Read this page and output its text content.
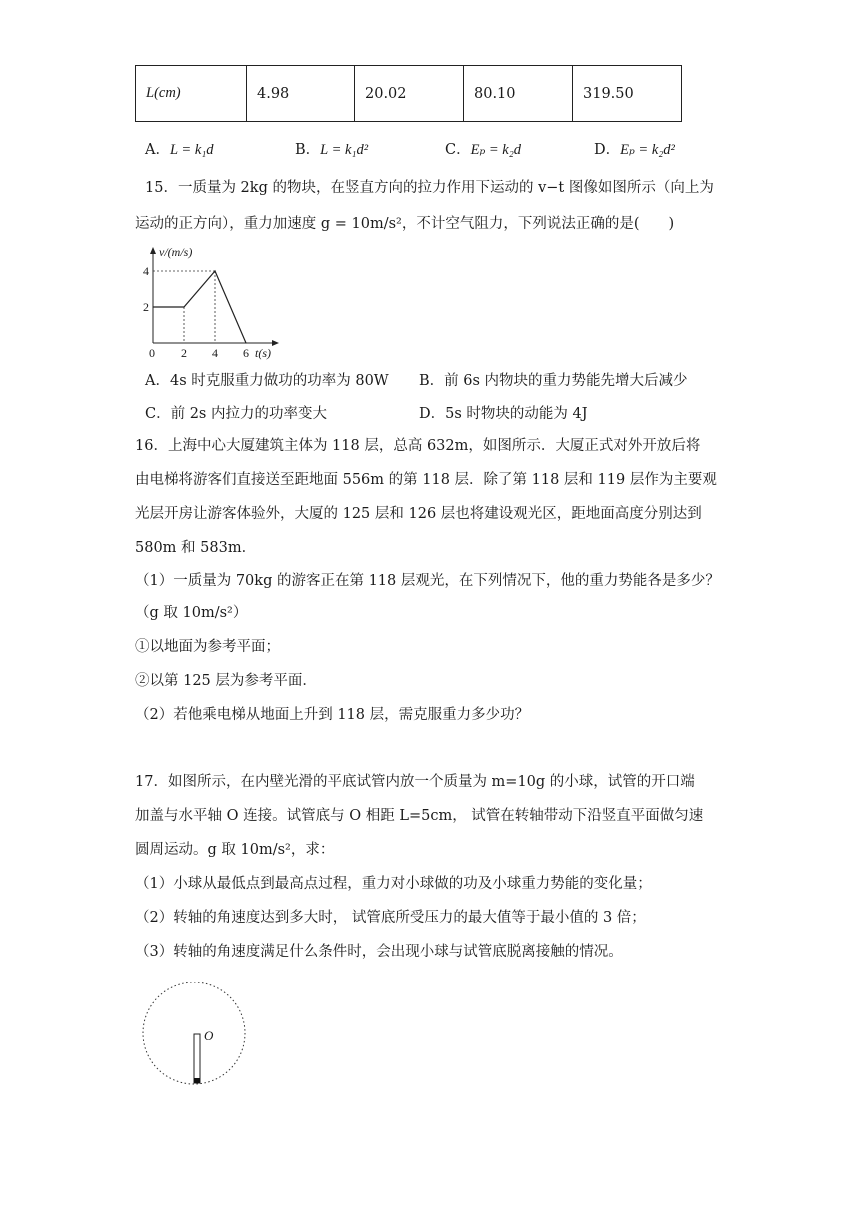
L(cm)	4.98	20.02	80.10	319.50
A．L = k₁d	B．L = k₁d²	C．Eₚ = k₂d	D．Eₚ = k₂d²
15．一质量为 2kg 的物块，在竖直方向的拉力作用下运动的 v−t 图像如图所示（向上为
运动的正方向），重力加速度 g = 10m/s²，不计空气阻力，下列说法正确的是(　　)
v/(m/s)
t(s)
0 2 4 6
2
4
A．4s 时克服重力做功的功率为 80W B．前 6s 内物块的重力势能先增大后减少
C．前 2s 内拉力的功率变大	D．5s 时物块的动能为 4J
16．上海中心大厦建筑主体为 118 层，总高 632m，如图所示．大厦正式对外开放后将
由电梯将游客们直接送至距地面 556m 的第 118 层．除了第 118 层和 119 层作为主要观
光层开房让游客体验外，大厦的 125 层和 126 层也将建设观光区，距地面高度分别达到
580m 和 583m．
（1）一质量为 70kg 的游客正在第 118 层观光，在下列情况下，他的重力势能各是多少？
（g 取 10m/s²）
①以地面为参考平面；
②以第 125 层为参考平面．
（2）若他乘电梯从地面上升到 118 层，需克服重力多少功？
17．如图所示，在内壁光滑的平底试管内放一个质量为 m=10g 的小球，试管的开口端
加盖与水平轴 O 连接。试管底与 O 相距 L=5cm， 试管在转轴带动下沿竖直平面做匀速
圆周运动。g 取 10m/s²，求：
（1）小球从最低点到最高点过程，重力对小球做的功及小球重力势能的变化量；
（2）转轴的角速度达到多大时， 试管底所受压力的最大值等于最小值的 3 倍；
（3）转轴的角速度满足什么条件时，会出现小球与试管底脱离接触的情况。
O
